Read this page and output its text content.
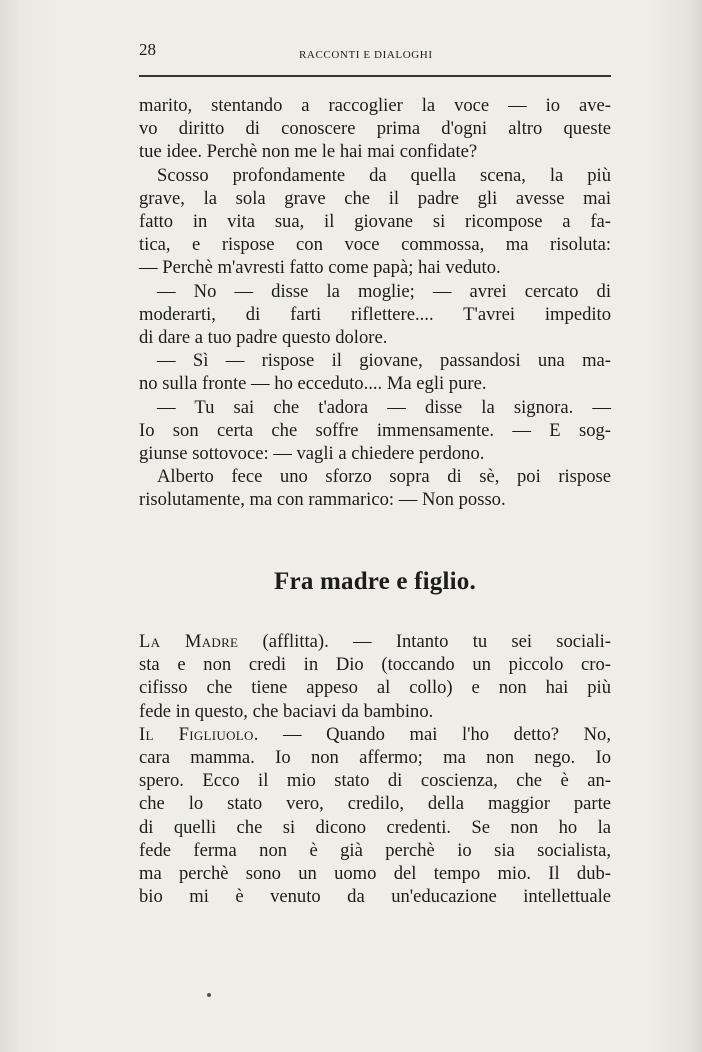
28	RACCONTI E DIALOGHI

marito, stentando a raccoglier la voce — io ave-

vo diritto di conoscere prima d'ogni altro queste

tue idee. Perchè non me le hai mai confidate?

Scosso profondamente da quella scena, la più

grave, la sola grave che il padre gli avesse mai

fatto in vita sua, il giovane si ricompose a fa-

tica, e rispose con voce commossa, ma risoluta:

— Perchè m'avresti fatto come papà; hai veduto.

— No — disse la moglie; — avrei cercato di

moderarti, di farti riflettere.... T'avrei impedito

di dare a tuo padre questo dolore.

— Sì — rispose il giovane, passandosi una ma-

no sulla fronte — ho ecceduto.... Ma egli pure.

— Tu sai che t'adora — disse la signora. —

Io son certa che soffre immensamente. — E sog-

giunse sottovoce: — vagli a chiedere perdono.

Alberto fece uno sforzo sopra di sè, poi rispose

risolutamente, ma con rammarico: — Non posso.

Fra madre e figlio.

La Madre (afflitta). — Intanto tu sei sociali-

sta e non credi in Dio (toccando un piccolo cro-

cifisso che tiene appeso al collo) e non hai più

fede in questo, che baciavi da bambino.

Il Figliuolo. — Quando mai l'ho detto? No,

cara mamma. Io non affermo; ma non nego. Io

spero. Ecco il mio stato di coscienza, che è an-

che lo stato vero, credilo, della maggior parte

di quelli che si dicono credenti. Se non ho la

fede ferma non è già perchè io sia socialista,

ma perchè sono un uomo del tempo mio. Il dub-

bio mi è venuto da un'educazione intellettuale
